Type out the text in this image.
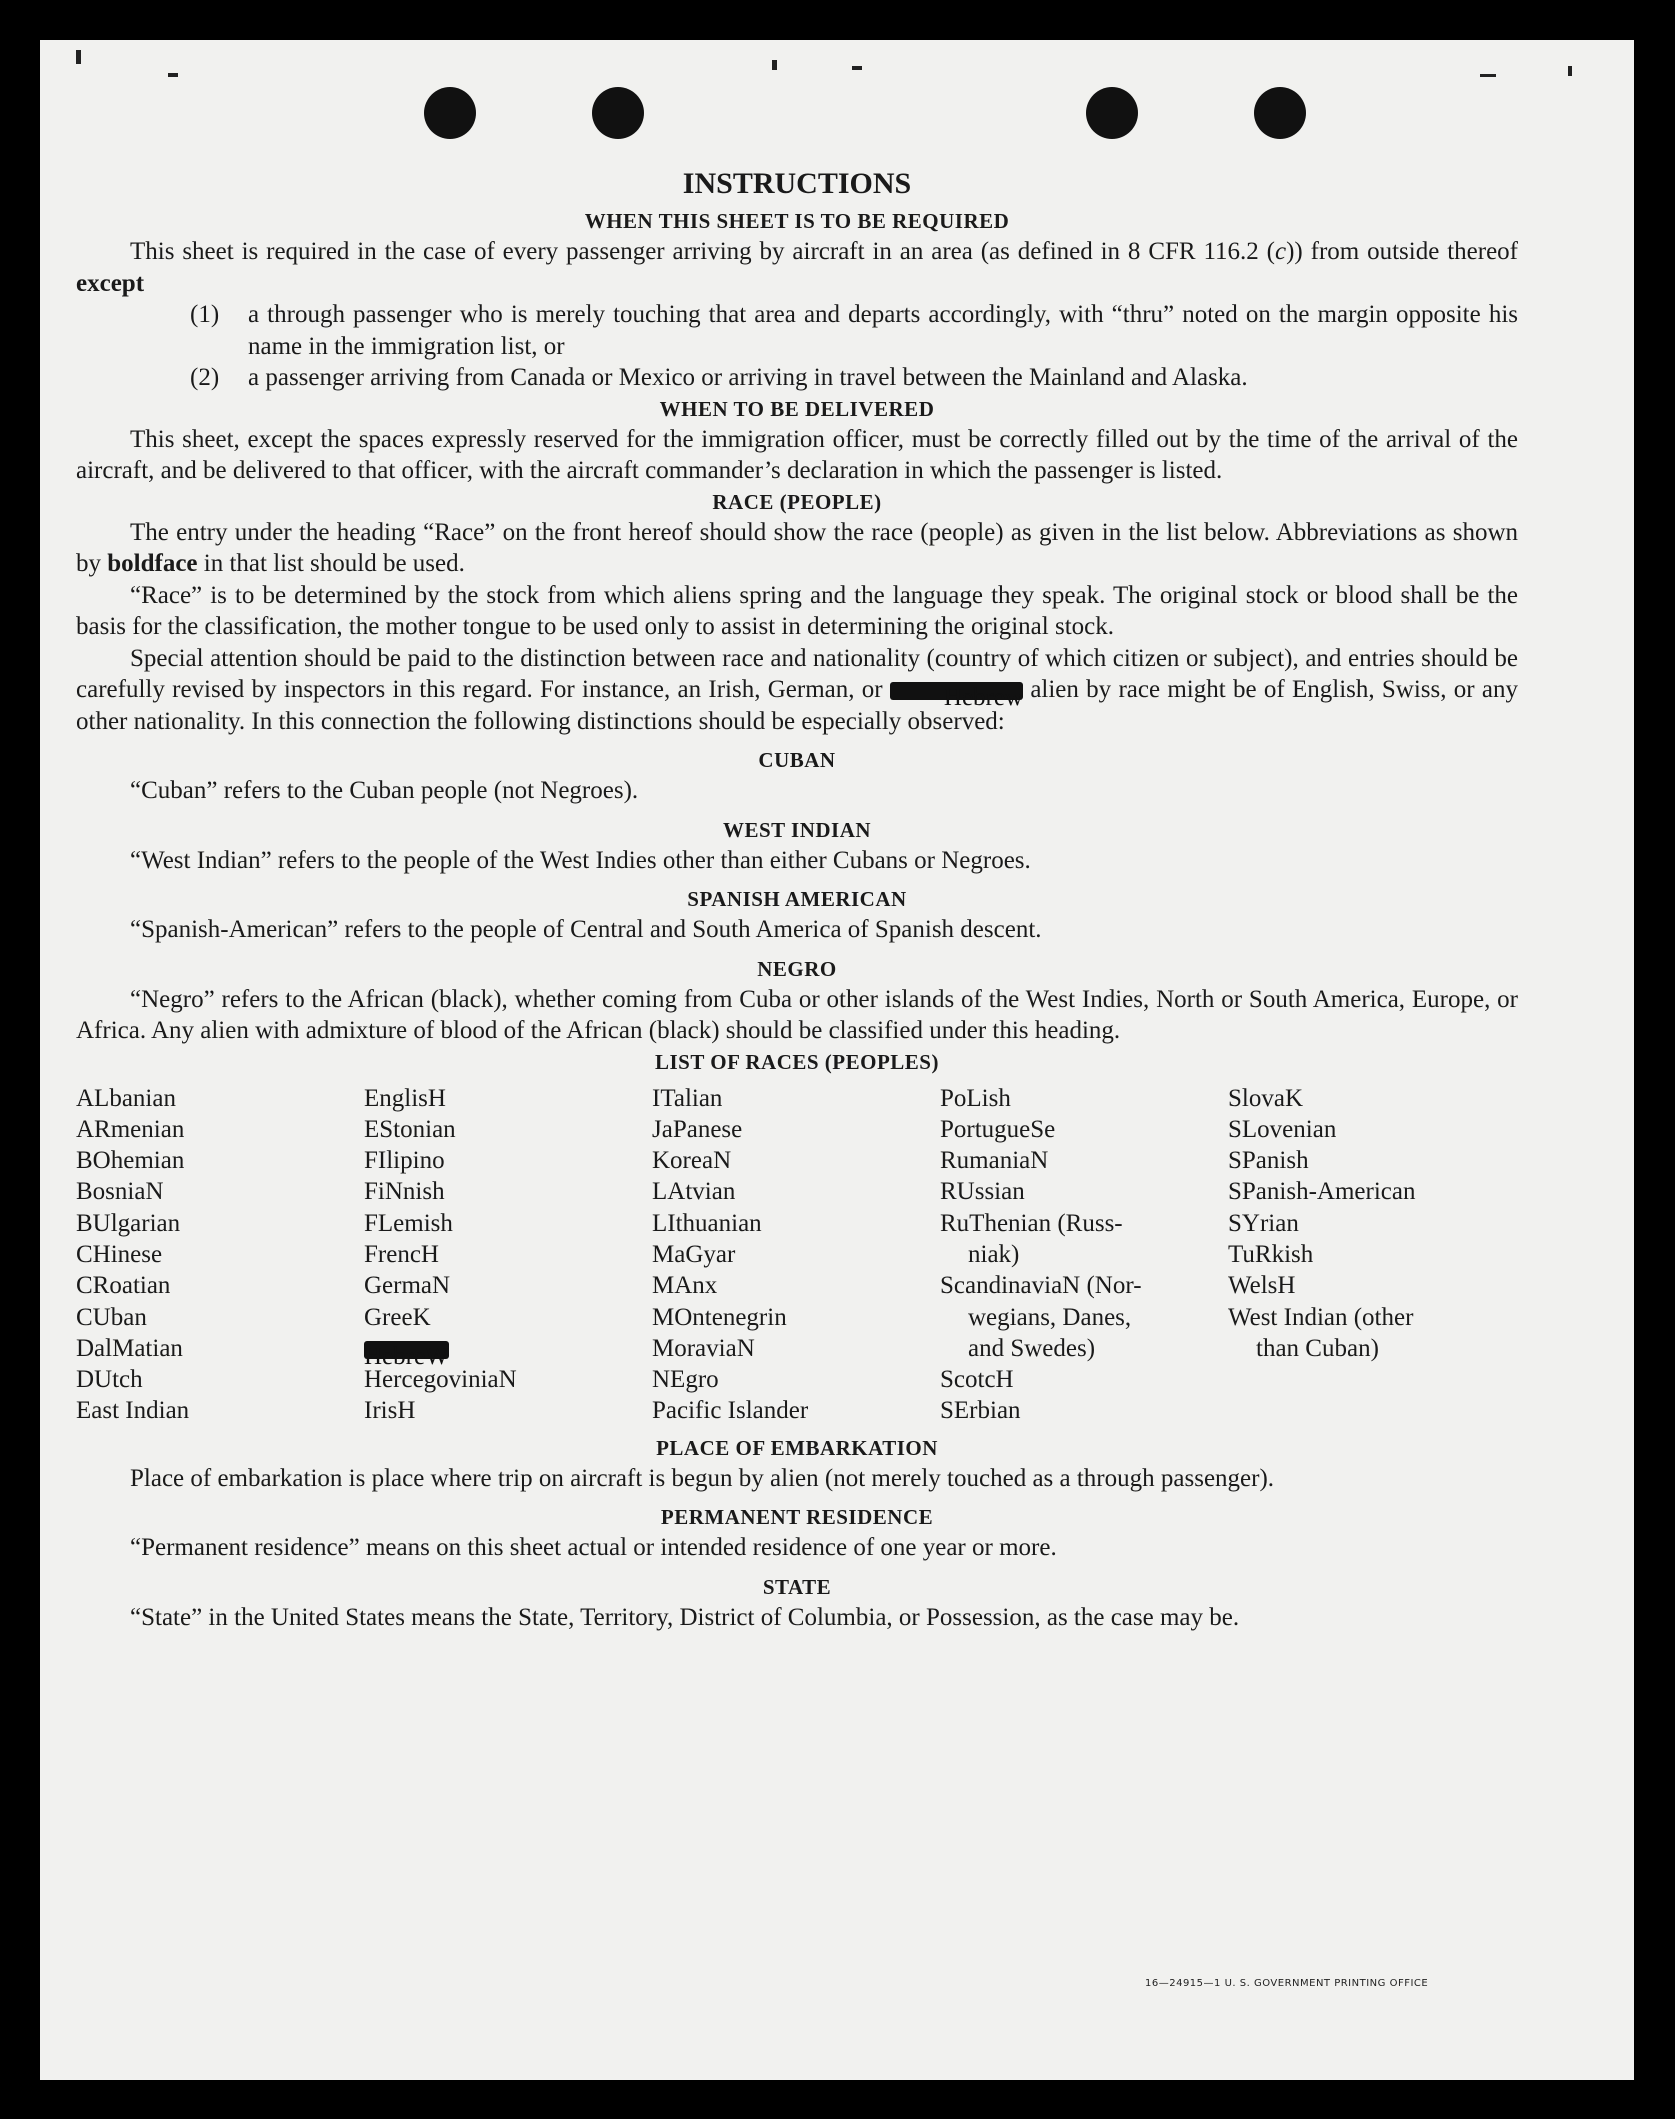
INSTRUCTIONS
WHEN THIS SHEET IS TO BE REQUIRED

This sheet is required in the case of every passenger arriving by aircraft in an area (as defined in 8 CFR 116.2 (c)) from outside thereof except

(1)	a through passenger who is merely touching that area and departs accordingly, with “thru” noted on the margin opposite his name in the immigration list, or
(2)	a passenger arriving from Canada or Mexico or arriving in travel between the Mainland and Alaska.
WHEN TO BE DELIVERED

This sheet, except the spaces expressly reserved for the immigration officer, must be correctly filled out by the time of the arrival of the aircraft, and be delivered to that officer, with the aircraft commander’s declaration in which the passenger is listed.

RACE (PEOPLE)

The entry under the heading “Race” on the front hereof should show the race (people) as given in the list below. Abbreviations as shown by boldface in that list should be used.

“Race” is to be determined by the stock from which aliens spring and the language they speak. The original stock or blood shall be the basis for the classification, the mother tongue to be used only to assist in determining the original stock.

Special attention should be paid to the distinction between race and nationality (country of which citizen or subject), and entries should be carefully revised by inspectors in this regard. For instance, an Irish, German, or Hebrew alien by race might be of English, Swiss, or any other nationality. In this connection the following distinctions should be especially observed:

CUBAN

“Cuban” refers to the Cuban people (not Negroes).

WEST INDIAN

“West Indian” refers to the people of the West Indies other than either Cubans or Negroes.

SPANISH AMERICAN

“Spanish-American” refers to the people of Central and South America of Spanish descent.

NEGRO

“Negro” refers to the African (black), whether coming from Cuba or other islands of the West Indies, North or South America, Europe, or Africa. Any alien with admixture of blood of the African (black) should be classified under this heading.

LIST OF RACES (PEOPLES)
ALbanian
ARmenian
BOhemian
BosniaN
BUlgarian
CHinese
CRoatian
CUban
DalMatian
DUtch
East Indian
EnglisH
EStonian
FIlipino
FiNnish
FLemish
FrencH
GermaN
GreeK
HebreW
HercegoviniaN
IrisH
ITalian
JaPanese
KoreaN
LAtvian
LIthuanian
MaGyar
MAnx
MOntenegrin
MoraviaN
NEgro
Pacific Islander
PoLish
PortugueSe
RumaniaN
RUssian
RuThenian (Russ-
niak)
ScandinaviaN (Nor-
wegians, Danes,
and Swedes)
ScotcH
SErbian
SlovaK
SLovenian
SPanish
SPanish-American
SYrian
TuRkish
WelsH
West Indian (other
than Cuban)
PLACE OF EMBARKATION

Place of embarkation is place where trip on aircraft is begun by alien (not merely touched as a through passenger).

PERMANENT RESIDENCE

“Permanent residence” means on this sheet actual or intended residence of one year or more.

STATE

“State” in the United States means the State, Territory, District of Columbia, or Possession, as the case may be.

16—24915—1 U. S. GOVERNMENT PRINTING OFFICE
